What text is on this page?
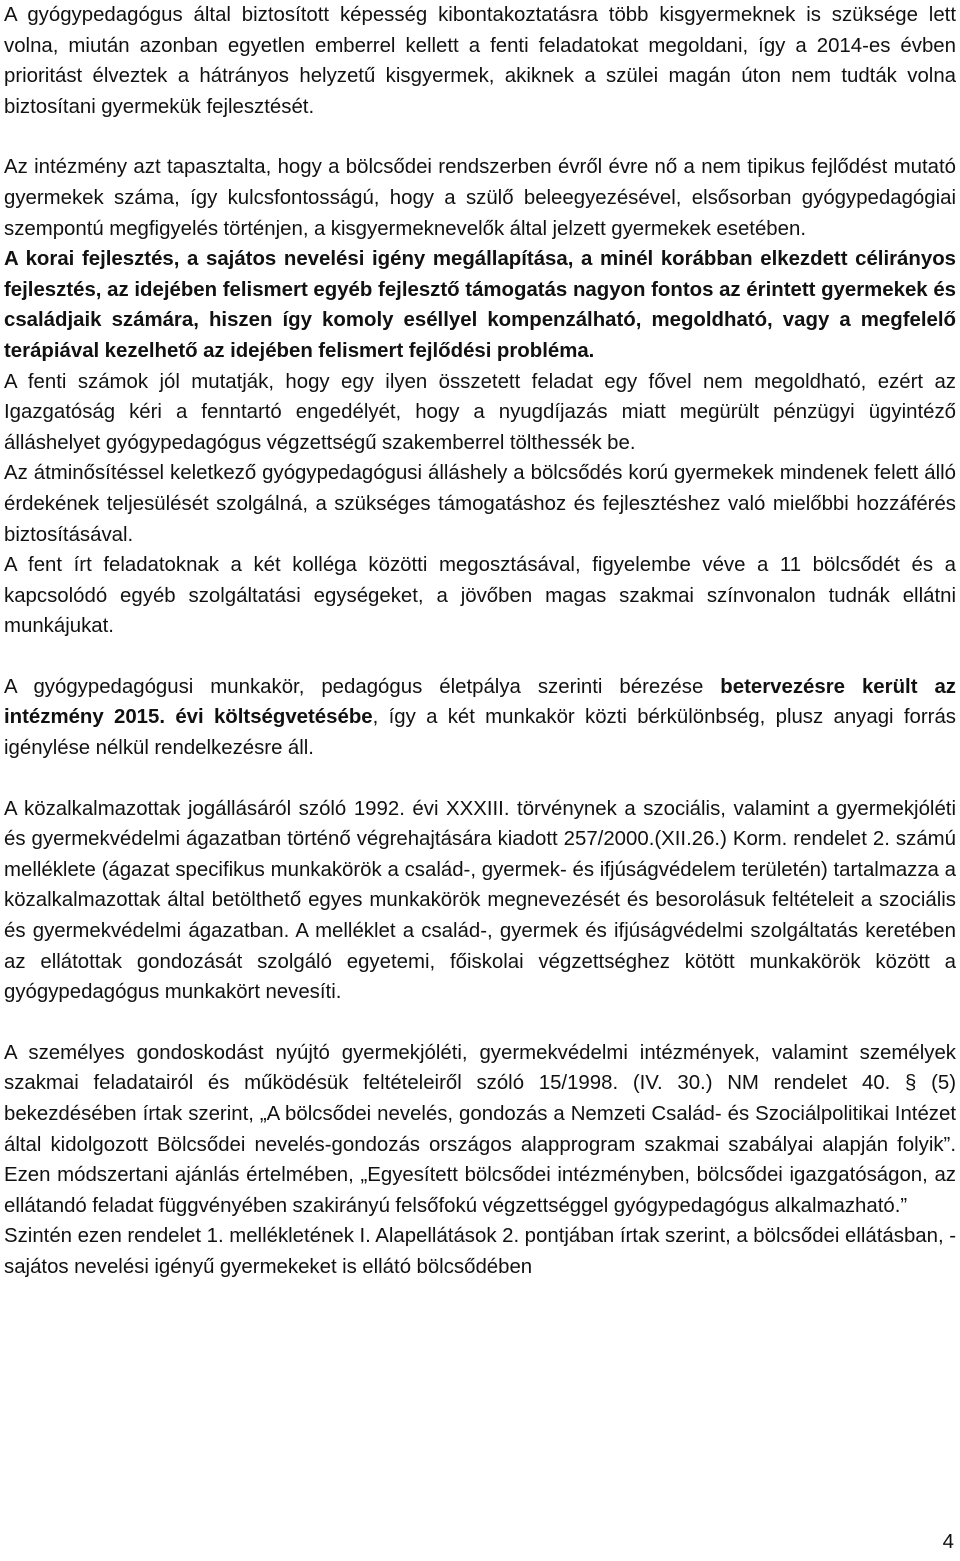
A gyógypedagógus által biztosított képesség kibontakoztatásra több kisgyermeknek is szüksége lett volna, miután azonban egyetlen emberrel kellett a fenti feladatokat megoldani, így a 2014-es évben prioritást élveztek a hátrányos helyzetű kisgyermek, akiknek a szülei magán úton nem tudták volna biztosítani gyermekük fejlesztését.

Az intézmény azt tapasztalta, hogy a bölcsődei rendszerben évről évre nő a nem tipikus fejlődést mutató gyermekek száma, így kulcsfontosságú, hogy a szülő beleegyezésével, elsősorban gyógypedagógiai szempontú megfigyelés történjen, a kisgyermeknevelők által jelzett gyermekek esetében.

A korai fejlesztés, a sajátos nevelési igény megállapítása, a minél korábban elkezdett célirányos fejlesztés, az idejében felismert egyéb fejlesztő támogatás nagyon fontos az érintett gyermekek és családjaik számára, hiszen így komoly eséllyel kompenzálható, megoldható, vagy a megfelelő terápiával kezelhető az idejében felismert fejlődési probléma.

A fenti számok jól mutatják, hogy egy ilyen összetett feladat egy fővel nem megoldható, ezért az Igazgatóság kéri a fenntartó engedélyét, hogy a nyugdíjazás miatt megürült pénzügyi ügyintéző álláshelyet gyógypedagógus végzettségű szakemberrel tölthessék be.

Az átminősítéssel keletkező gyógypedagógusi álláshely a bölcsődés korú gyermekek mindenek felett álló érdekének teljesülését szolgálná, a szükséges támogatáshoz és fejlesztéshez való mielőbbi hozzáférés biztosításával.

A fent írt feladatoknak a két kolléga közötti megosztásával, figyelembe véve a 11 bölcsődét és a kapcsolódó egyéb szolgáltatási egységeket, a jövőben magas szakmai színvonalon tudnák ellátni munkájukat.

A gyógypedagógusi munkakör, pedagógus életpálya szerinti bérezése betervezésre került az intézmény 2015. évi költségvetésébe, így a két munkakör közti bérkülönbség, plusz anyagi forrás igénylése nélkül rendelkezésre áll.

A közalkalmazottak jogállásáról szóló 1992. évi XXXIII. törvénynek a szociális, valamint a gyermekjóléti és gyermekvédelmi ágazatban történő végrehajtására kiadott 257/2000.(XII.26.) Korm. rendelet 2. számú melléklete (ágazat specifikus munkakörök a család-, gyermek- és ifjúságvédelem területén) tartalmazza a közalkalmazottak által betölthető egyes munkakörök megnevezését és besorolásuk feltételeit a szociális és gyermekvédelmi ágazatban. A melléklet a család-, gyermek és ifjúságvédelmi szolgáltatás keretében az ellátottak gondozását szolgáló egyetemi, főiskolai végzettséghez kötött munkakörök között a gyógypedagógus munkakört nevesíti.

A személyes gondoskodást nyújtó gyermekjóléti, gyermekvédelmi intézmények, valamint személyek szakmai feladatairól és működésük feltételeiről szóló 15/1998. (IV. 30.) NM rendelet 40. § (5) bekezdésében írtak szerint, „A bölcsődei nevelés, gondozás a Nemzeti Család- és Szociálpolitikai Intézet által kidolgozott Bölcsődei nevelés-gondozás országos alapprogram szakmai szabályai alapján folyik”. Ezen módszertani ajánlás értelmében, „Egyesített bölcsődei intézményben, bölcsődei igazgatóságon, az ellátandó feladat függvényében szakirányú felsőfokú végzettséggel gyógypedagógus alkalmazható.”

Szintén ezen rendelet 1. mellékletének I. Alapellátások 2. pontjában írtak szerint, a bölcsődei ellátásban, - sajátos nevelési igényű gyermekeket is ellátó bölcsődében

4
